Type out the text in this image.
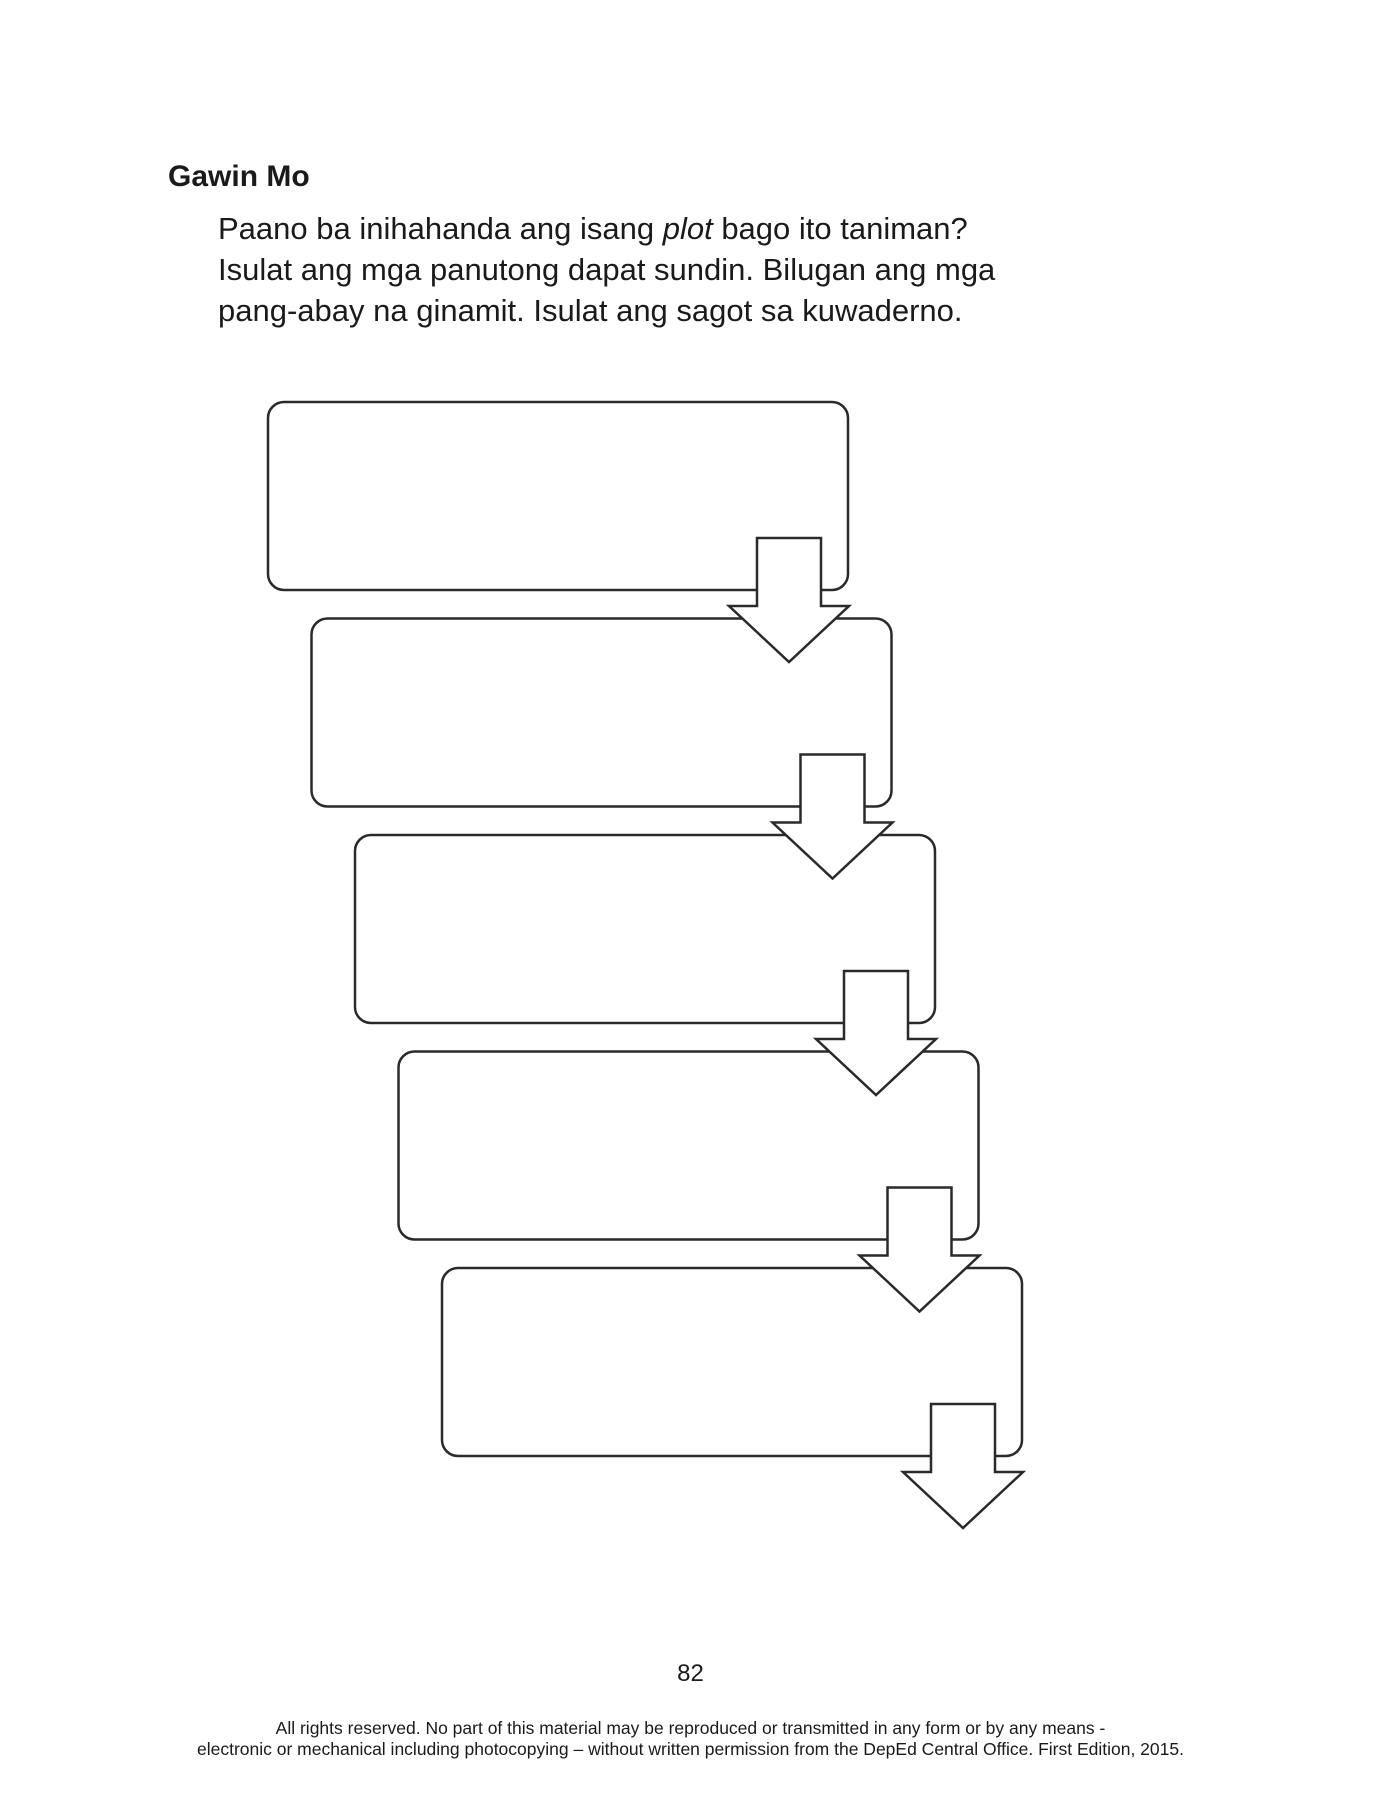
Gawin Mo

Paano ba inihahanda ang isang plot bago ito taniman?
Isulat ang mga panutong dapat sundin. Bilugan ang mga
pang-abay na ginamit. Isulat ang sagot sa kuwaderno.

82
All rights reserved. No part of this material may be reproduced or transmitted in any form or by any means -
electronic or mechanical including photocopying – without written permission from the DepEd Central Office. First Edition, 2015.
